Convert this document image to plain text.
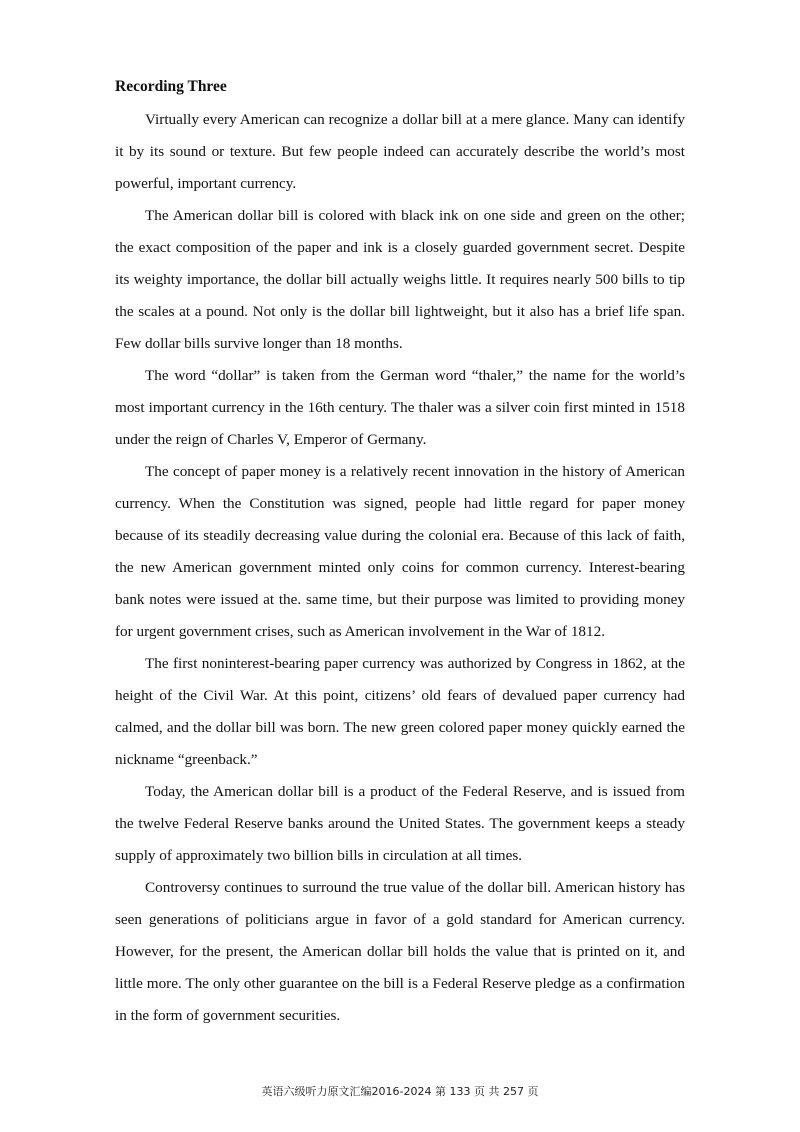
Recording Three

Virtually every American can recognize a dollar bill at a mere glance. Many can identify it by its sound or texture. But few people indeed can accurately describe the world’s most powerful, important currency.

The American dollar bill is colored with black ink on one side and green on the other; the exact composition of the paper and ink is a closely guarded government secret. Despite its weighty importance, the dollar bill actually weighs little. It requires nearly 500 bills to tip the scales at a pound. Not only is the dollar bill lightweight, but it also has a brief life span. Few dollar bills survive longer than 18 months.

The word “dollar” is taken from the German word “thaler,” the name for the world’s most important currency in the 16th century. The thaler was a silver coin first minted in 1518 under the reign of Charles V, Emperor of Germany.

The concept of paper money is a relatively recent innovation in the history of American currency. When the Constitution was signed, people had little regard for paper money because of its steadily decreasing value during the colonial era. Because of this lack of faith, the new American government minted only coins for common currency. Interest-bearing bank notes were issued at the. same time, but their purpose was limited to providing money for urgent government crises, such as American involvement in the War of 1812.

The first noninterest-bearing paper currency was authorized by Congress in 1862, at the height of the Civil War. At this point, citizens’ old fears of devalued paper currency had calmed, and the dollar bill was born. The new green colored paper money quickly earned the nickname “greenback.”

Today, the American dollar bill is a product of the Federal Reserve, and is issued from the twelve Federal Reserve banks around the United States. The government keeps a steady supply of approximately two billion bills in circulation at all times.

Controversy continues to surround the true value of the dollar bill. American history has seen generations of politicians argue in favor of a gold standard for American currency. However, for the present, the American dollar bill holds the value that is printed on it, and little more. The only other guarantee on the bill is a Federal Reserve pledge as a confirmation in the form of government securities.

英语六级听力原文汇编2016-2024 第 133 页 共 257 页
